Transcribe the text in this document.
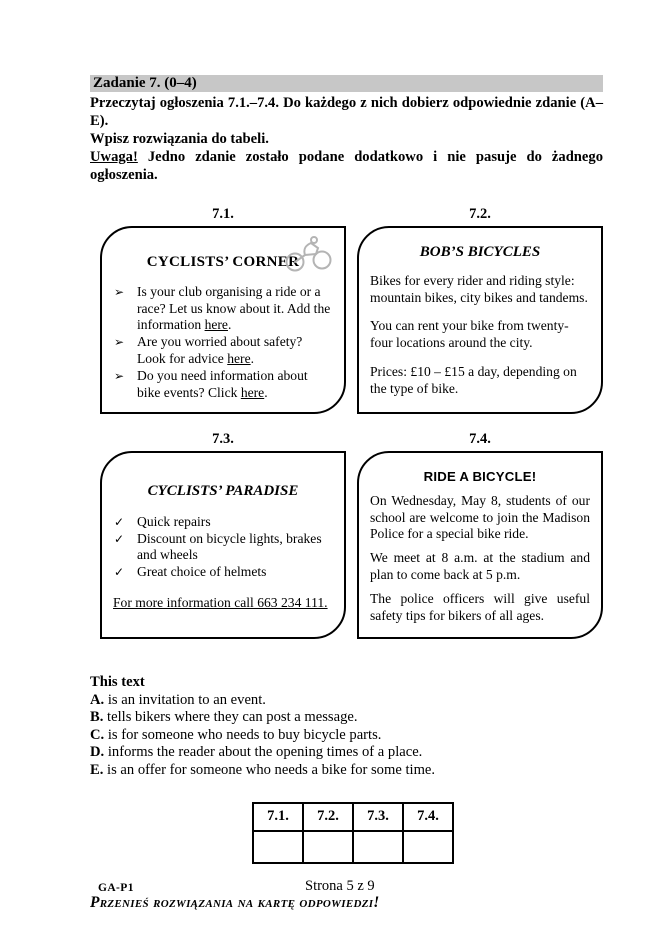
Zadanie 7. (0–4)
Przeczytaj ogłoszenia 7.1.–7.4. Do każdego z nich dobierz odpowiednie zdanie (A–E).
Wpisz rozwiązania do tabeli.
Uwaga! Jedno zdanie zostało podane dodatkowo i nie pasuje do żadnego ogłoszenia.
7.1.
CYCLISTS’ CORNER
➢ Is your club organising a ride or a race? Let us know about it. Add the information here.
➢ Are you worried about safety? Look for advice here.
➢ Do you need information about bike events? Click here.
7.2.
BOB’S BICYCLES

Bikes for every rider and riding style: mountain bikes, city bikes and tandems.

You can rent your bike from twenty-four locations around the city.

Prices: £10 – £15 a day, depending on the type of bike.

7.3.
CYCLISTS’ PARADISE
✓ Quick repairs
✓ Discount on bicycle lights, brakes and wheels
✓ Great choice of helmets
For more information call 663 234 111.
7.4.
RIDE A BICYCLE!

On Wednesday, May 8, students of our school are welcome to join the Madison Police for a special bike ride.

We meet at 8 a.m. at the stadium and plan to come back at 5 p.m.

The police officers will give useful safety tips for bikers of all ages.

This text
A. is an invitation to an event.
B. tells bikers where they can post a message.
C. is for someone who needs to buy bicycle parts.
D. informs the reader about the opening times of a place.
E. is an offer for someone who needs a bike for some time.
7.1.	7.2.	7.3.	7.4.

Przenieś rozwiązania na kartę odpowiedzi!
GA-P1	Strona 5 z 9
